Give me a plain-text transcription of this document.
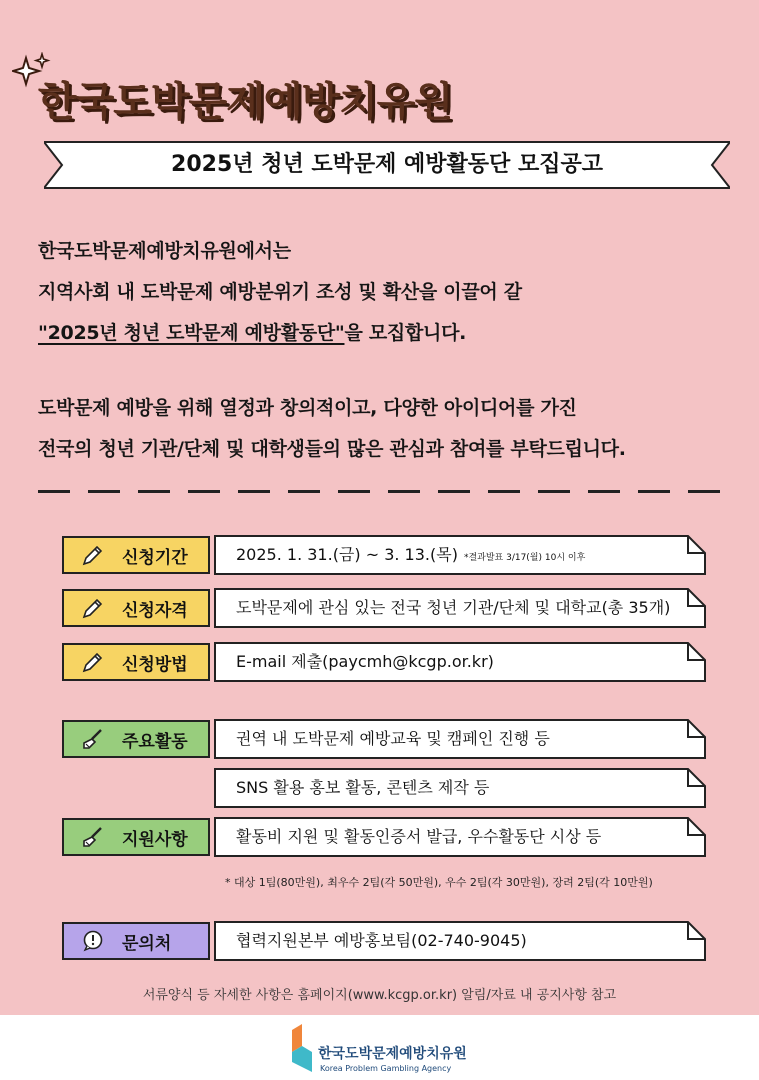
한국도박문제예방치유원
2025년 청년 도박문제 예방활동단 모집공고
한국도박문제예방치유원에서는
지역사회 내 도박문제 예방분위기 조성 및 확산을 이끌어 갈
"2025년 청년 도박문제 예방활동단"을 모집합니다.
도박문제 예방을 위해 열정과 창의적이고, 다양한 아이디어를 가진
전국의 청년 기관/단체 및 대학생들의 많은 관심과 참여를 부탁드립니다.
신청기간	2025. 1. 31.(금) ~ 3. 13.(목) *결과발표 3/17(월) 10시 이후
신청자격	도박문제에 관심 있는 전국 청년 기관/단체 및 대학교(총 35개)
신청방법	E-mail 제출(paycmh@kcgp.or.kr)
주요활동	권역 내 도박문제 예방교육 및 캠페인 진행 등
SNS 활용 홍보 활동, 콘텐츠 제작 등
지원사항	활동비 지원 및 활동인증서 발급, 우수활동단 시상 등
* 대상 1팀(80만원), 최우수 2팀(각 50만원), 우수 2팀(각 30만원), 장려 2팀(각 10만원)
문의처	협력지원본부 예방홍보팀(02-740-9045)
서류양식 등 자세한 사항은 홈페이지(www.kcgp.or.kr) 알림/자료 내 공지사항 참고
한국도박문제예방치유원
Korea Problem Gambling Agency
